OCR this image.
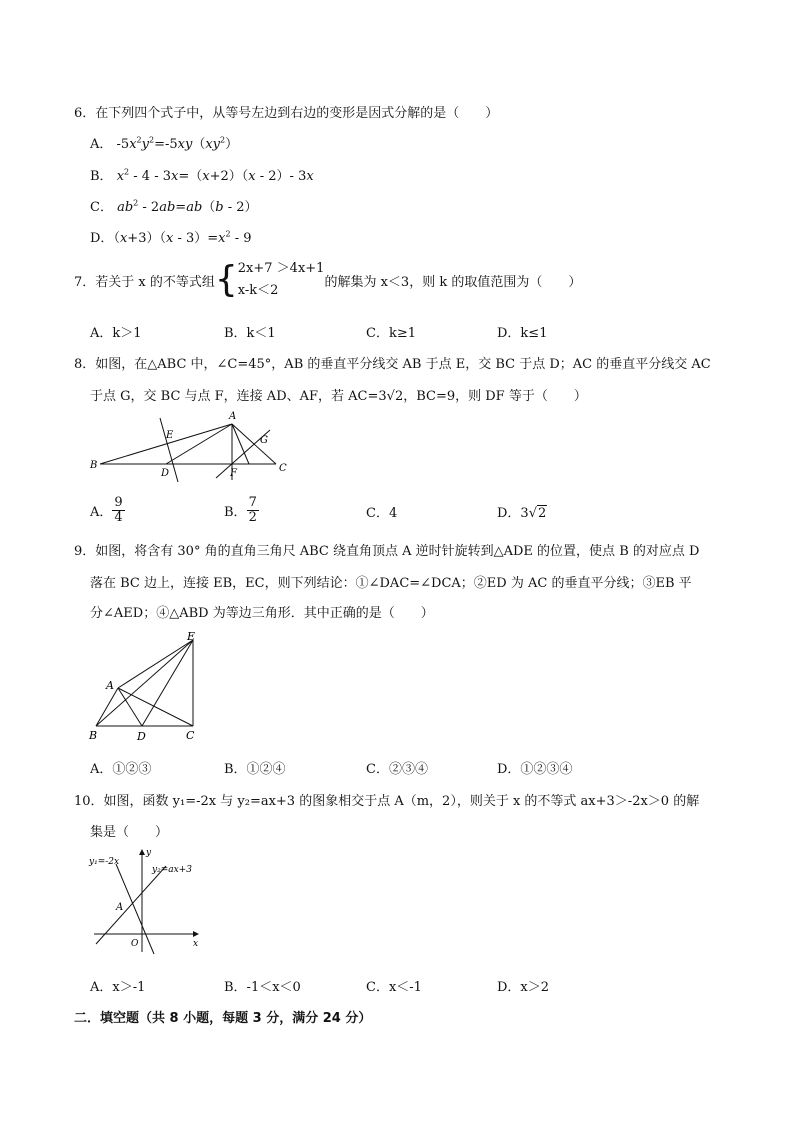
6．在下列四个式子中，从等号左边到右边的变形是因式分解的是（　　）
A． $-5x^2y^2=-5xy(xy^2)$
B． $x^2 - 4 - 3x=(x+2)(x - 2)-$ 3x
C． $ab^2 - 2ab=ab(b - 2)$
D．$(x+3)(x - 3)=x^2 - 9$
7．若关于 x 的不等式组 { 2x+7 ＞4x+1
x-k＜2
的解集为 x＜3，则 k 的取值范围为（　　）
A．k＞1	B．k＜1	C．k≥1	D．k≤1
8．如图，在△ABC 中，∠C=45°，AB 的垂直平分线交 AB 于点 E，交 BC 于点 D；AC 的垂直平分线交 AC
于点 G，交 BC 与点 F，连接 AD、AF，若 AC=3√2，BC=9，则 DF 等于（　　）
A
B	C
D
E
F
G
A． $\frac{9}{4}$	B． $\frac{7}{2}$	C．4	D．3√2
9．如图，将含有 30° 角的直角三角尺 ABC 绕直角顶点 A 逆时针旋转到△ADE 的位置，使点 B 的对应点 D
落在 BC 边上，连接 EB，EC，则下列结论：①∠DAC=∠DCA；②ED 为 AC 的垂直平分线；③EB 平
分∠AED；④△ABD 为等边三角形．其中正确的是（　　）
E
A
B	D	C
A．①②③	B．①②④	C．②③④	D．①②③④
10．如图，函数 y₁=-2x 与 y₂=ax+3 的图象相交于点 A（m，2），则关于 x 的不等式 ax+3＞-2x＞0 的解
集是（　　）
y₁=-2x
y₂=ax+3
A
O	x
y
A．x＞-1	B．-1＜x＜0	C．x＜-1	D．x＞2
二．填空题（共 8 小题，每题 3 分，满分 24 分）
